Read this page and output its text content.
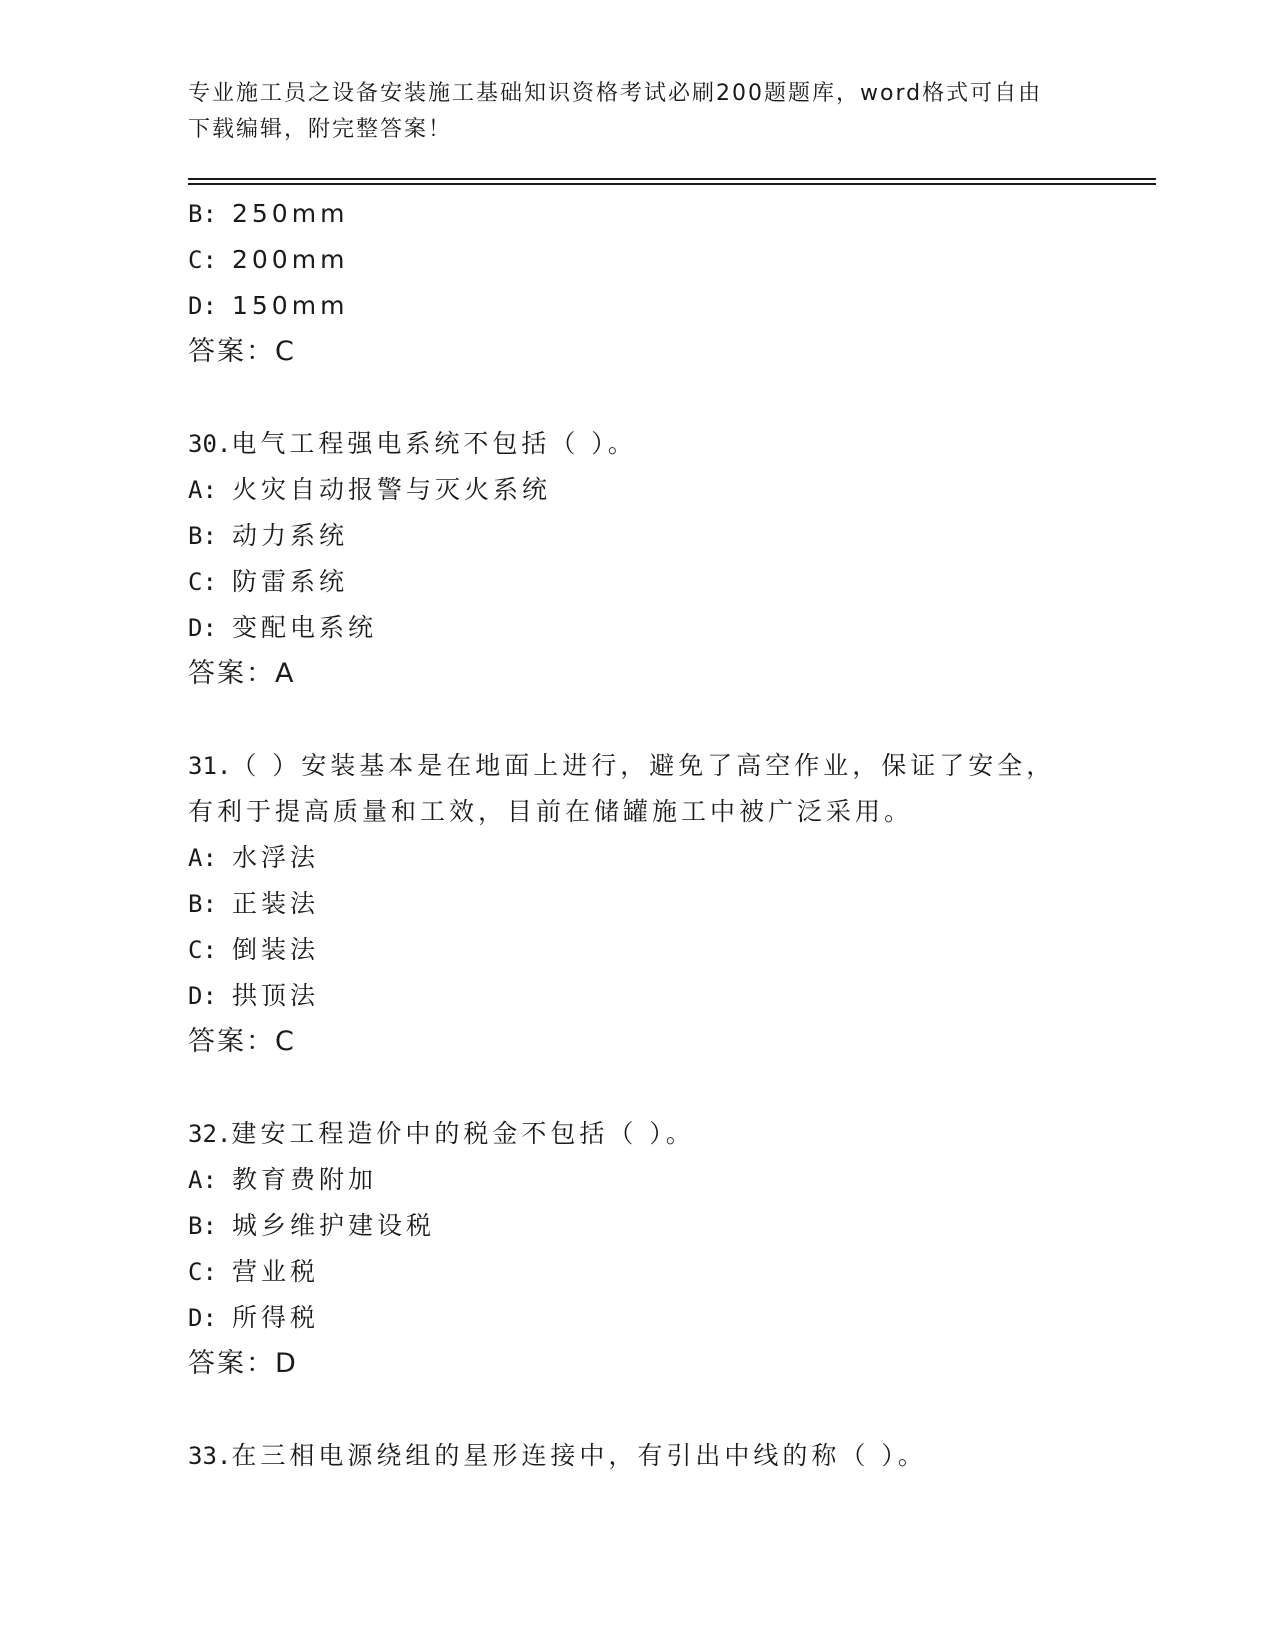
专业施工员之设备安装施工基础知识资格考试必刷200题题库，word格式可自由
下载编辑，附完整答案！
B: 250mm
C: 200mm
D: 150mm
答案：C
30.电气工程强电系统不包括（ ）。
A: 火灾自动报警与灭火系统
B: 动力系统
C: 防雷系统
D: 变配电系统
答案：A
31.（ ）安装基本是在地面上进行，避免了高空作业，保证了安全，
有利于提高质量和工效，目前在储罐施工中被广泛采用。
A: 水浮法
B: 正装法
C: 倒装法
D: 拱顶法
答案：C
32.建安工程造价中的税金不包括（ ）。
A: 教育费附加
B: 城乡维护建设税
C: 营业税
D: 所得税
答案：D
33.在三相电源绕组的星形连接中，有引出中线的称（ ）。
